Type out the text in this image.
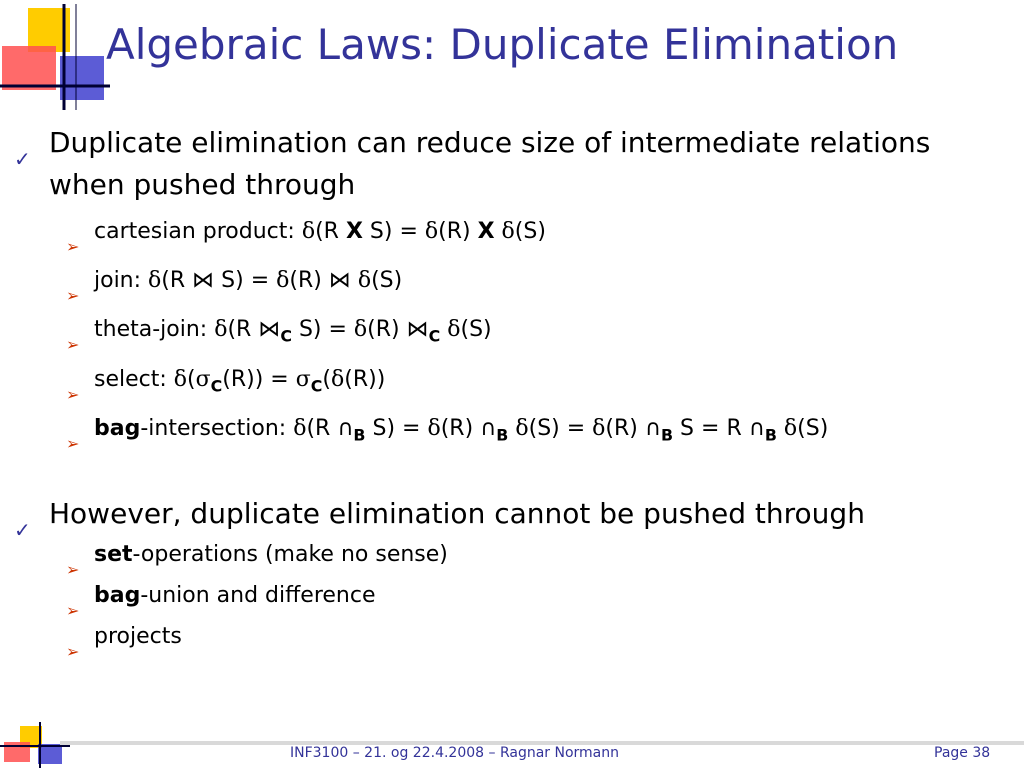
Algebraic Laws: Duplicate Elimination
✓ Duplicate elimination can reduce size of intermediate relations
when pushed through
➢
cartesian product: δ(R X S) = δ(R) X δ(S)
➢
join: δ(R ⋈ S) = δ(R) ⋈ δ(S)
➢
theta-join: δ(R $⋈_C$ S) = δ(R) $⋈_C$ δ(S)
➢
select: $\delta(\sigma_C(R)) = \sigma_C(\delta(R))$
➢
bag-intersection: δ(R $\cap_B$ S) = δ(R) $\cap_B$ δ(S) = δ(R) $\cap_B$ S = R $\cap_B$ δ(S)
✓ However, duplicate elimination cannot be pushed through
➢
set-operations (make no sense)
➢
bag-union and difference
➢
projects
INF3100 – 21. og 22.4.2008 – Ragnar Normann	Page 38
